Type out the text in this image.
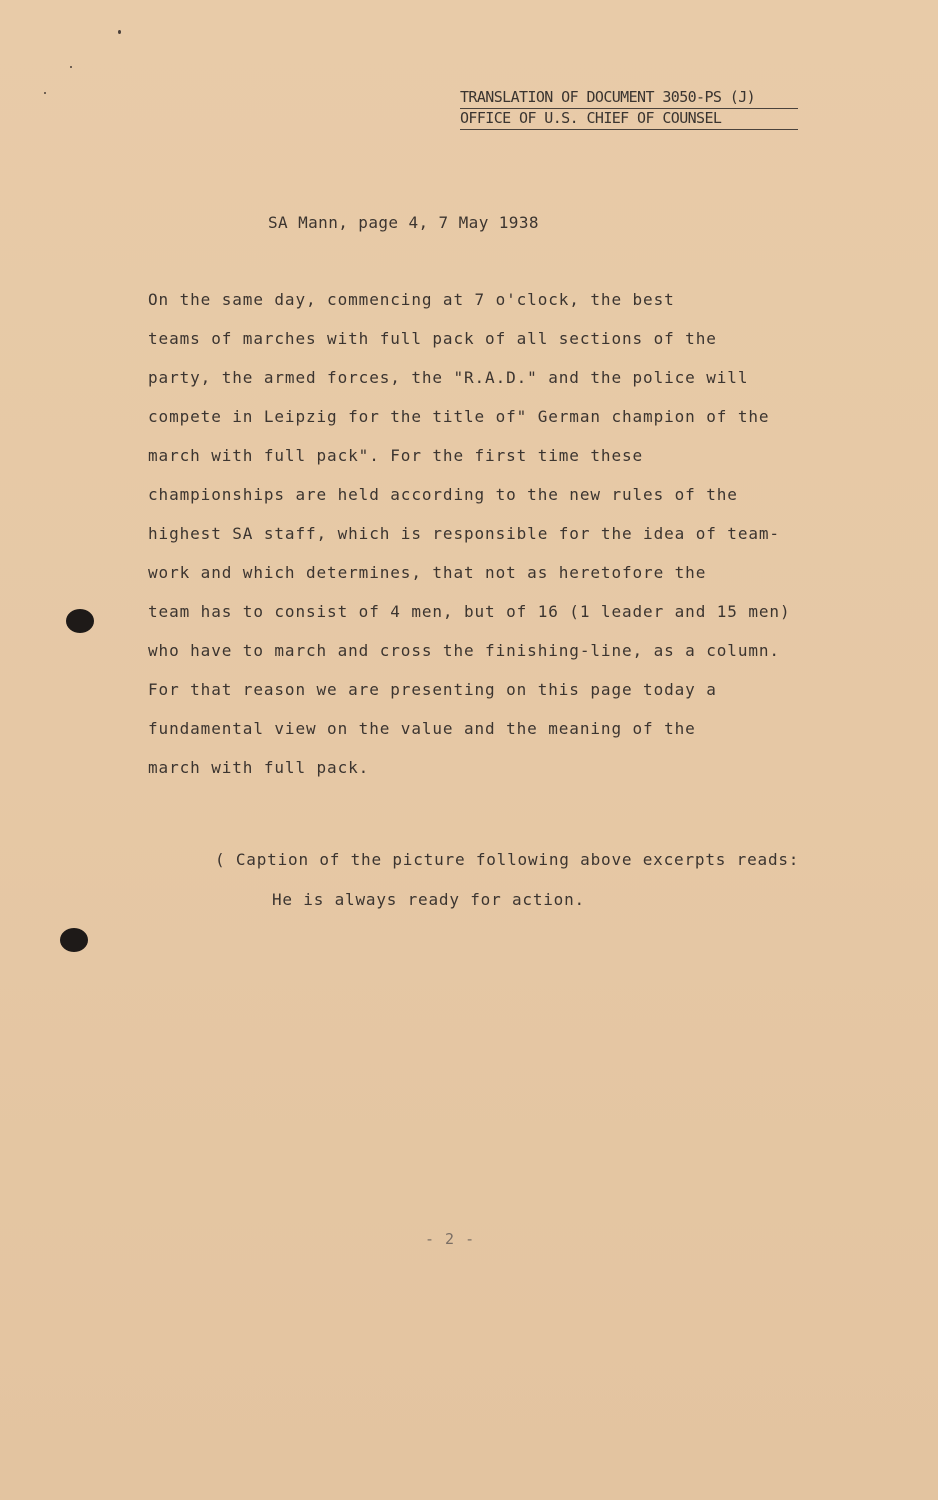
TRANSLATION OF DOCUMENT 3050-PS (J)
OFFICE OF U.S. CHIEF OF COUNSEL
SA Mann, page 4, 7 May 1938
On the same day, commencing at 7 o'clock, the best
teams of marches with full pack of all sections of the
party, the armed forces, the "R.A.D." and the police will
compete in Leipzig for the title of" German champion of the
march with full pack". For the first time these
championships are held according to the new rules of the
highest SA staff, which is responsible for the idea of team-
work and which determines, that not as heretofore the
team has to consist of 4 men, but of 16 (1 leader and 15 men)
who have to march and cross the finishing-line, as a column.
For that reason we are presenting on this page today a
fundamental view on the value and the meaning of the
march with full pack.
( Caption of the picture following above excerpts reads:
He is always ready for action.
- 2 -
